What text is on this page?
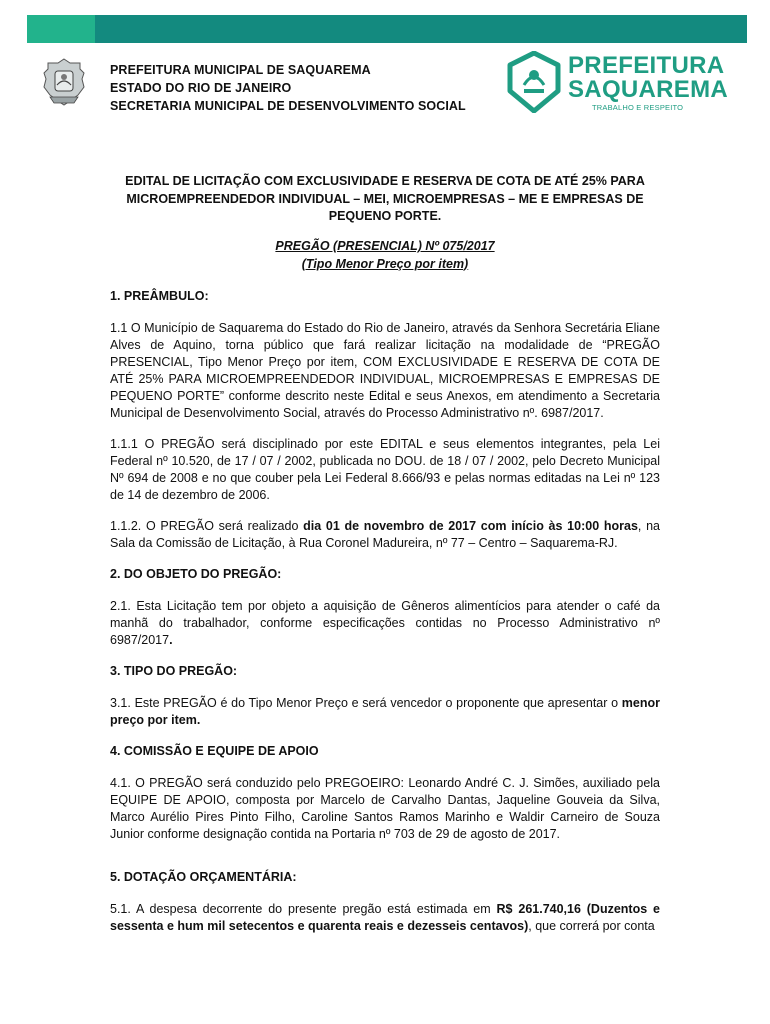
PREFEITURA MUNICIPAL DE SAQUAREMA
ESTADO DO RIO DE JANEIRO
SECRETARIA MUNICIPAL DE DESENVOLVIMENTO SOCIAL
PREFEITURA
SAQUAREMA
TRABALHO E RESPEITO
EDITAL DE LICITAÇÃO COM EXCLUSIVIDADE E RESERVA DE COTA DE ATÉ 25% PARA MICROEMPREENDEDOR INDIVIDUAL – MEI, MICROEMPRESAS – ME E EMPRESAS DE PEQUENO PORTE.
PREGÃO (PRESENCIAL) Nº 075/2017
(Tipo Menor Preço por item)
1. PREÂMBULO:

1.1 O Município de Saquarema do Estado do Rio de Janeiro, através da Senhora Secretária Eliane Alves de Aquino, torna público que fará realizar licitação na modalidade de “PREGÃO PRESENCIAL, Tipo Menor Preço por item, COM EXCLUSIVIDADE E RESERVA DE COTA DE ATÉ 25% PARA MICROEMPREENDEDOR INDIVIDUAL, MICROEMPRESAS E EMPRESAS DE PEQUENO PORTE” conforme descrito neste Edital e seus Anexos, em atendimento a Secretaria Municipal de Desenvolvimento Social, através do Processo Administrativo nº. 6987/2017.

1.1.1 O PREGÃO será disciplinado por este EDITAL e seus elementos integrantes, pela Lei Federal nº 10.520, de 17 / 07 / 2002, publicada no DOU. de 18 / 07 / 2002, pelo Decreto Municipal Nº 694 de 2008 e no que couber pela Lei Federal 8.666/93 e pelas normas editadas na Lei nº 123 de 14 de dezembro de 2006.

1.1.2. O PREGÃO será realizado dia 01 de novembro de 2017 com início às 10:00 horas, na Sala da Comissão de Licitação, à Rua Coronel Madureira, nº 77 – Centro – Saquarema-RJ.

2. DO OBJETO DO PREGÃO:

2.1. Esta Licitação tem por objeto a aquisição de Gêneros alimentícios para atender o café da manhã do trabalhador, conforme especificações contidas no Processo Administrativo nº 6987/2017.

3. TIPO DO PREGÃO:

3.1. Este PREGÃO é do Tipo Menor Preço e será vencedor o proponente que apresentar o menor preço por item.

4. COMISSÃO E EQUIPE DE APOIO

4.1. O PREGÃO será conduzido pelo PREGOEIRO: Leonardo André C. J. Simões, auxiliado pela EQUIPE DE APOIO, composta por Marcelo de Carvalho Dantas, Jaqueline Gouveia da Silva, Marco Aurélio Pires Pinto Filho, Caroline Santos Ramos Marinho e Waldir Carneiro de Souza Junior conforme designação contida na Portaria nº 703 de 29 de agosto de 2017.

5. DOTAÇÃO ORÇAMENTÁRIA:

5.1. A despesa decorrente do presente pregão está estimada em R$ 261.740,16 (Duzentos e sessenta e hum mil setecentos e quarenta reais e dezesseis centavos), que correrá por conta
